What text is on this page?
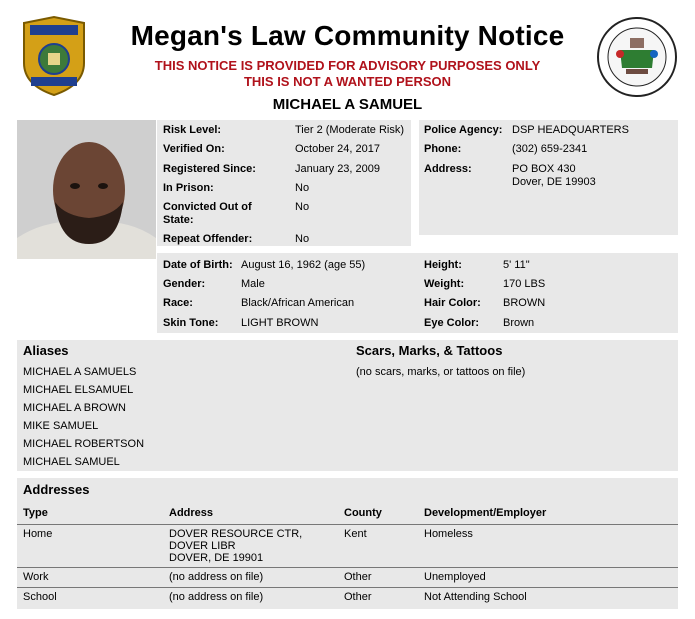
Megan's Law Community Notice
THIS NOTICE IS PROVIDED FOR ADVISORY PURPOSES ONLY
THIS IS NOT A WANTED PERSON
MICHAEL A SAMUEL
Risk Level:	Tier 2 (Moderate Risk)
Verified On:	October 24, 2017
Registered Since:	January 23, 2009
In Prison:	No
Convicted Out of State:
No
Repeat Offender:	No
Police Agency: DSP HEADQUARTERS
Phone:	(302) 659-2341
Address:	PO BOX 430
Dover, DE 19903
Date of Birth: August 16, 1962 (age 55)
Gender:	Male
Race:	Black/African American
Skin Tone: LIGHT BROWN
Height:	5' 11"
Weight:	170 LBS
Hair Color: BROWN
Eye Color: Brown
Aliases
MICHAEL A SAMUELS
MICHAEL ELSAMUEL
MICHAEL A BROWN
MIKE SAMUEL
MICHAEL ROBERTSON
MICHAEL SAMUEL
Scars, Marks, & Tattoos
(no scars, marks, or tattoos on file)
Addresses
Type	Address	County	Development/Employer
Home	DOVER RESOURCE CTR,
DOVER LIBR
DOVER, DE 19901
Kent	Homeless
Work	(no address on file)	Other	Unemployed
School	(no address on file)	Other	Not Attending School
